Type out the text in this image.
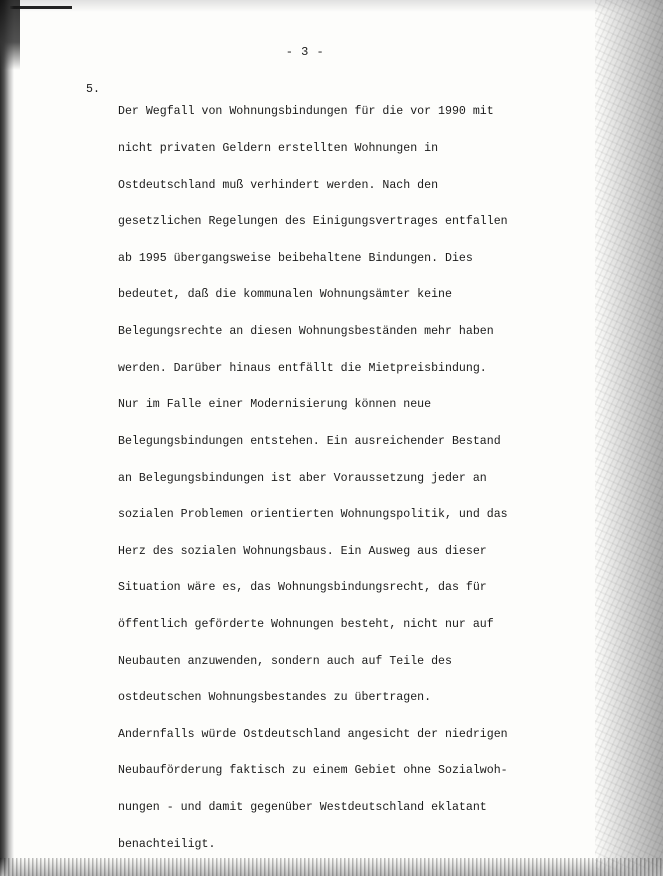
- 3 -
5.

Der Wegfall von Wohnungsbindungen für die vor 1990 mit

nicht privaten Geldern erstellten Wohnungen in

Ostdeutschland muß verhindert werden. Nach den

gesetzlichen Regelungen des Einigungsvertrages entfallen

ab 1995 übergangsweise beibehaltene Bindungen. Dies

bedeutet, daß die kommunalen Wohnungsämter keine

Belegungsrechte an diesen Wohnungsbeständen mehr haben

werden. Darüber hinaus entfällt die Mietpreisbindung.

Nur im Falle einer Modernisierung können neue

Belegungsbindungen entstehen. Ein ausreichender Bestand

an Belegungsbindungen ist aber Voraussetzung jeder an

sozialen Problemen orientierten Wohnungspolitik, und das

Herz des sozialen Wohnungsbaus. Ein Ausweg aus dieser

Situation wäre es, das Wohnungsbindungsrecht, das für

öffentlich geförderte Wohnungen besteht, nicht nur auf

Neubauten anzuwenden, sondern auch auf Teile des

ostdeutschen Wohnungsbestandes zu übertragen.

Andernfalls würde Ostdeutschland angesicht der niedrigen

Neubauförderung faktisch zu einem Gebiet ohne Sozialwoh-

nungen - und damit gegenüber Westdeutschland eklatant

benachteiligt.
